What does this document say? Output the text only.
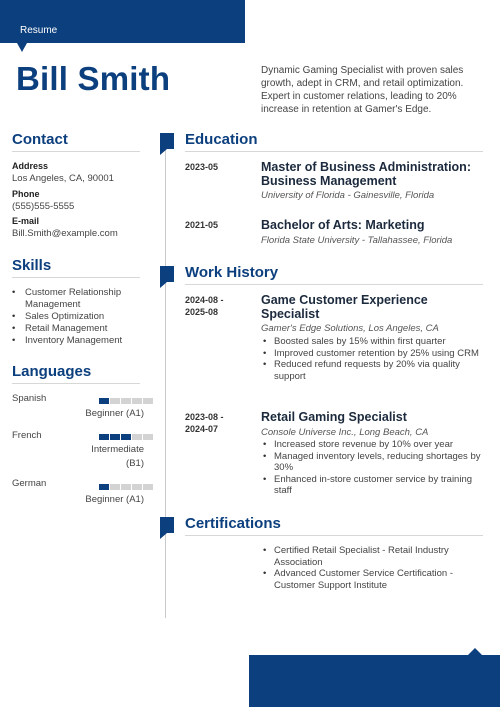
Resume
Bill Smith	Dynamic Gaming Specialist with proven sales growth, adept in CRM, and retail optimization. Expert in customer relations, leading to 20% increase in retention at Gamer's Edge.
Contact
Address
Los Angeles, CA, 90001
Phone
(555)555-5555
E-mail
Bill.Smith@example.com
Skills
• Customer Relationship Management
• Sales Optimization
• Retail Management
• Inventory Management
Languages
Spanish
Beginner (A1)
French
Intermediate (B1)
German
Beginner (A1)
Education
2023-05	Master of Business Administration: Business Management
University of Florida - Gainesville, Florida
2021-05	Bachelor of Arts: Marketing
Florida State University - Tallahassee, Florida
Work History
2024-08 -
2025-08
Game Customer Experience Specialist
Gamer's Edge Solutions, Los Angeles, CA
• Boosted sales by 15% within first quarter
• Improved customer retention by 25% using CRM
• Reduced refund requests by 20% via quality support
2023-08 -
2024-07
Retail Gaming Specialist
Console Universe Inc., Long Beach, CA
• Increased store revenue by 10% over year
• Managed inventory levels, reducing shortages by 30%
• Enhanced in-store customer service by training staff
Certifications
• Certified Retail Specialist - Retail Industry Association
• Advanced Customer Service Certification - Customer Support Institute
